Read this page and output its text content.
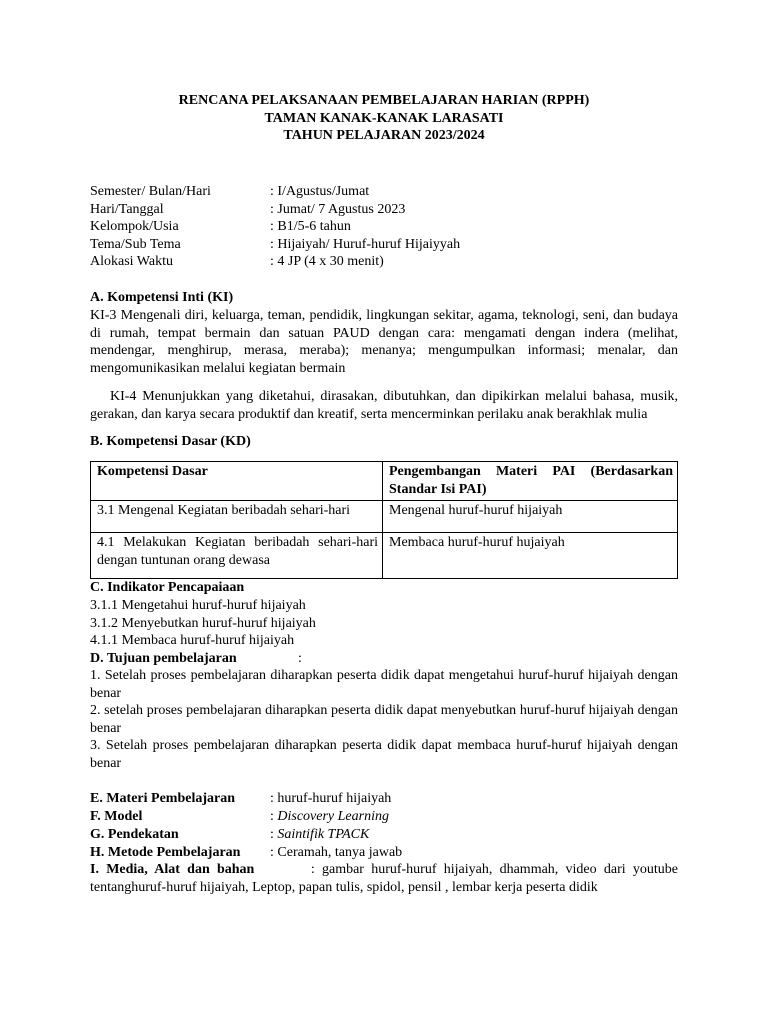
RENCANA PELAKSANAAN PEMBELAJARAN HARIAN (RPPH)
TAMAN KANAK-KANAK LARASATI
TAHUN PELAJARAN 2023/2024
Semester/ Bulan/Hari	: I/Agustus/Jumat
Hari/Tanggal	: Jumat/ 7 Agustus 2023
Kelompok/Usia	: B1/5-6 tahun
Tema/Sub Tema	: Hijaiyah/ Huruf-huruf Hijaiyyah
Alokasi Waktu	: 4 JP (4 x 30 menit)
A. Kompetensi Inti (KI)
KI-3 Mengenali diri, keluarga, teman, pendidik, lingkungan sekitar, agama, teknologi, seni, dan budaya di rumah, tempat bermain dan satuan PAUD dengan cara: mengamati dengan indera (melihat, mendengar, menghirup, merasa, meraba); menanya; mengumpulkan informasi; menalar, dan mengomunikasikan melalui kegiatan bermain
KI-4 Menunjukkan yang diketahui, dirasakan, dibutuhkan, dan dipikirkan melalui bahasa, musik, gerakan, dan karya secara produktif dan kreatif, serta mencerminkan perilaku anak berakhlak mulia
B. Kompetensi Dasar (KD)
Kompetensi Dasar	Pengembangan Materi PAI (Berdasarkan Standar Isi PAI)
3.1 Mengenal Kegiatan beribadah sehari-hari	Mengenal huruf-huruf hijaiyah
4.1 Melakukan Kegiatan beribadah sehari-hari dengan tuntunan orang dewasa	Membaca huruf-huruf hujaiyah
C. Indikator Pencapaiaan
3.1.1 Mengetahui huruf-huruf hijaiyah
3.1.2 Menyebutkan huruf-huruf hijaiyah
4.1.1 Membaca huruf-huruf hijaiyah
D. Tujuan pembelajaran	:

1. Setelah proses pembelajaran diharapkan peserta didik dapat mengetahui huruf-huruf hijaiyah dengan benar

2. setelah proses pembelajaran diharapkan peserta didik dapat menyebutkan huruf-huruf hijaiyah dengan benar

3. Setelah proses pembelajaran diharapkan peserta didik dapat membaca huruf-huruf hijaiyah dengan benar

E. Materi Pembelajaran	: huruf-huruf hijaiyah
F. Model	: Discovery Learning
G. Pendekatan	: Saintifik TPACK
H. Metode Pembelajaran	: Ceramah, tanya jawab
I. Media, Alat dan bahan	: gambar huruf-huruf hijaiyah, dhammah, video dari youtube tentanghuruf-huruf hijaiyah, Leptop, papan tulis, spidol, pensil , lembar kerja peserta didik
